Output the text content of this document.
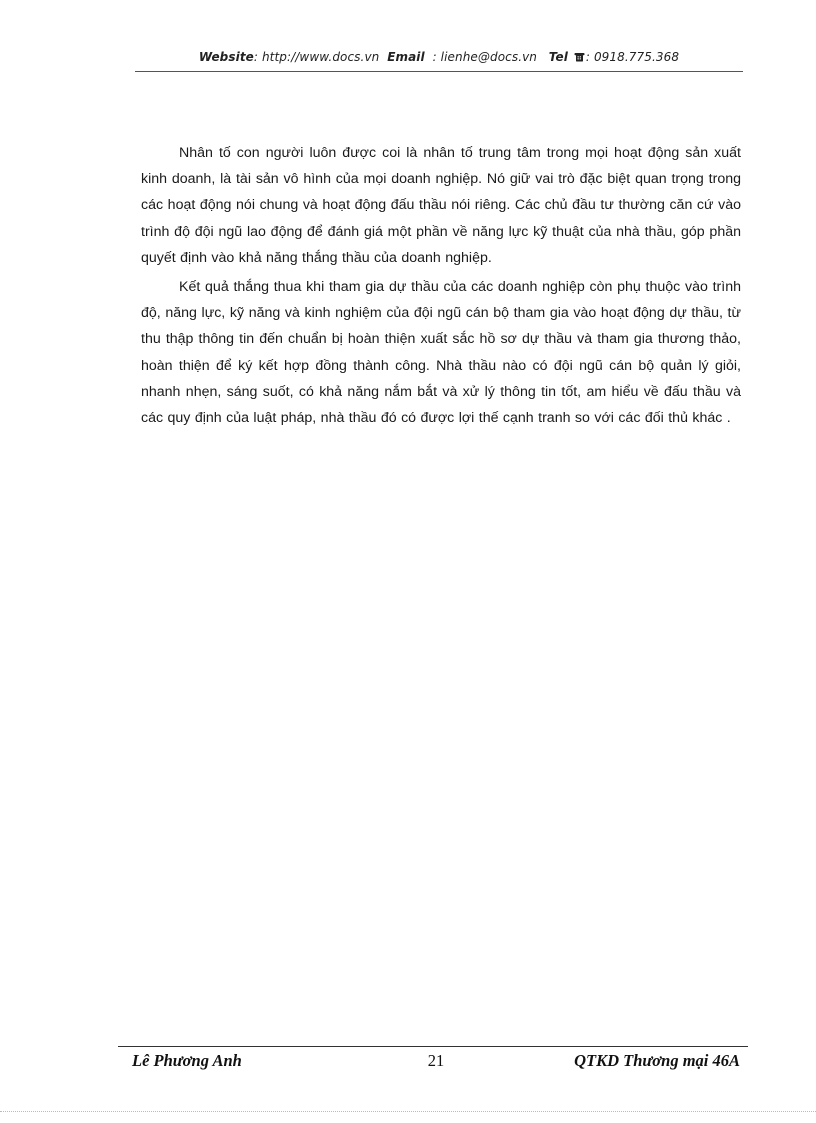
Website: http://www.docs.vn Email : lienhe@docs.vn Tel : 0918.775.368

Nhân tố con người luôn được coi là nhân tố trung tâm trong mọi hoạt động sản xuất kinh doanh, là tài sản vô hình của mọi doanh nghiệp. Nó giữ vai trò đặc biệt quan trọng trong các hoạt động nói chung và hoạt động đấu thầu nói riêng. Các chủ đầu tư thường căn cứ vào trình độ đội ngũ lao động để đánh giá một phần về năng lực kỹ thuật của nhà thầu, góp phần quyết định vào khả năng thắng thầu của doanh nghiệp.

Kết quả thắng thua khi tham gia dự thầu của các doanh nghiệp còn phụ thuộc vào trình độ, năng lực, kỹ năng và kinh nghiệm của đội ngũ cán bộ tham gia vào hoạt động dự thầu, từ thu thập thông tin đến chuẩn bị hoàn thiện xuất sắc hồ sơ dự thầu và tham gia thương thảo, hoàn thiện để ký kết hợp đồng thành công. Nhà thầu nào có đội ngũ cán bộ quản lý giỏi, nhanh nhẹn, sáng suốt, có khả năng nắm bắt và xử lý thông tin tốt, am hiểu về đấu thầu và các quy định của luật pháp, nhà thầu đó có được lợi thế cạnh tranh so với các đối thủ khác .

Lê Phương Anh	21	QTKD Thương mại 46A
